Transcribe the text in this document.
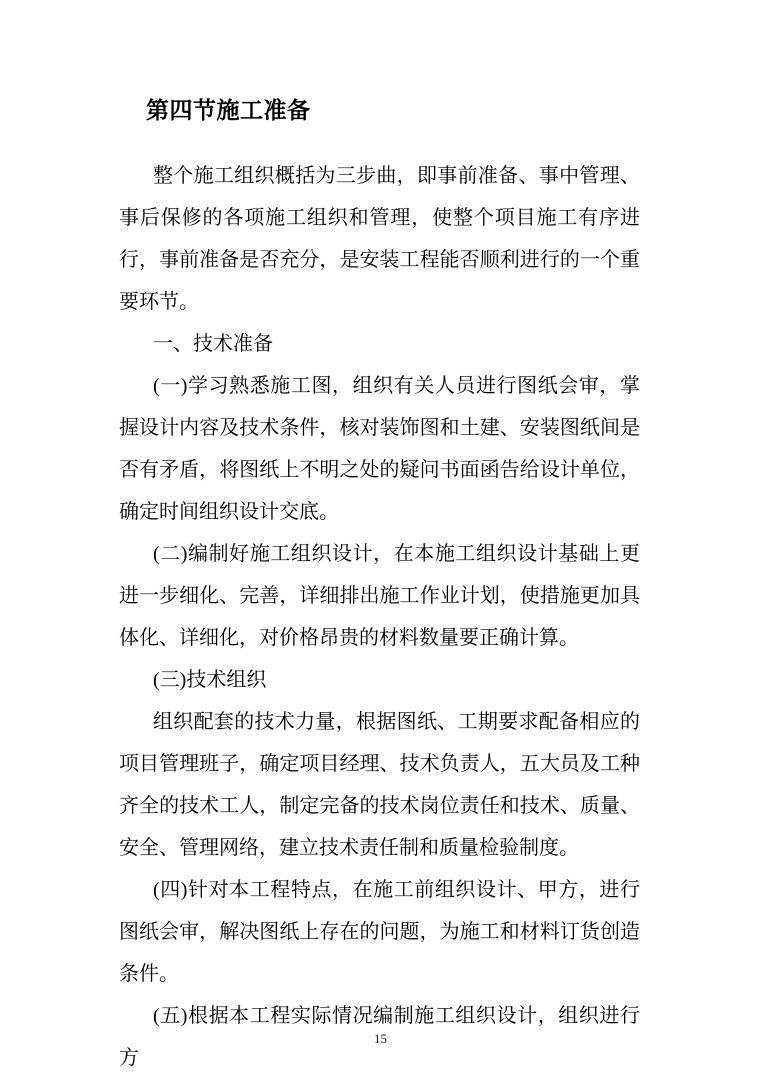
第四节施工准备

整个施工组织概括为三步曲，即事前准备、事中管理、事后保修的各项施工组织和管理，使整个项目施工有序进行，事前准备是否充分，是安装工程能否顺利进行的一个重要环节。

一、技术准备

(一)学习熟悉施工图，组织有关人员进行图纸会审，掌握设计内容及技术条件，核对装饰图和土建、安装图纸间是否有矛盾，将图纸上不明之处的疑问书面函告给设计单位，确定时间组织设计交底。

(二)编制好施工组织设计，在本施工组织设计基础上更进一步细化、完善，详细排出施工作业计划，使措施更加具体化、详细化，对价格昂贵的材料数量要正确计算。

(三)技术组织

组织配套的技术力量，根据图纸、工期要求配备相应的项目管理班子，确定项目经理、技术负责人，五大员及工种齐全的技术工人，制定完备的技术岗位责任和技术、质量、安全、管理网络，建立技术责任制和质量检验制度。

(四)针对本工程特点，在施工前组织设计、甲方，进行图纸会审，解决图纸上存在的问题，为施工和材料订货创造条件。

(五)根据本工程实际情况编制施工组织设计，组织进行方

15
